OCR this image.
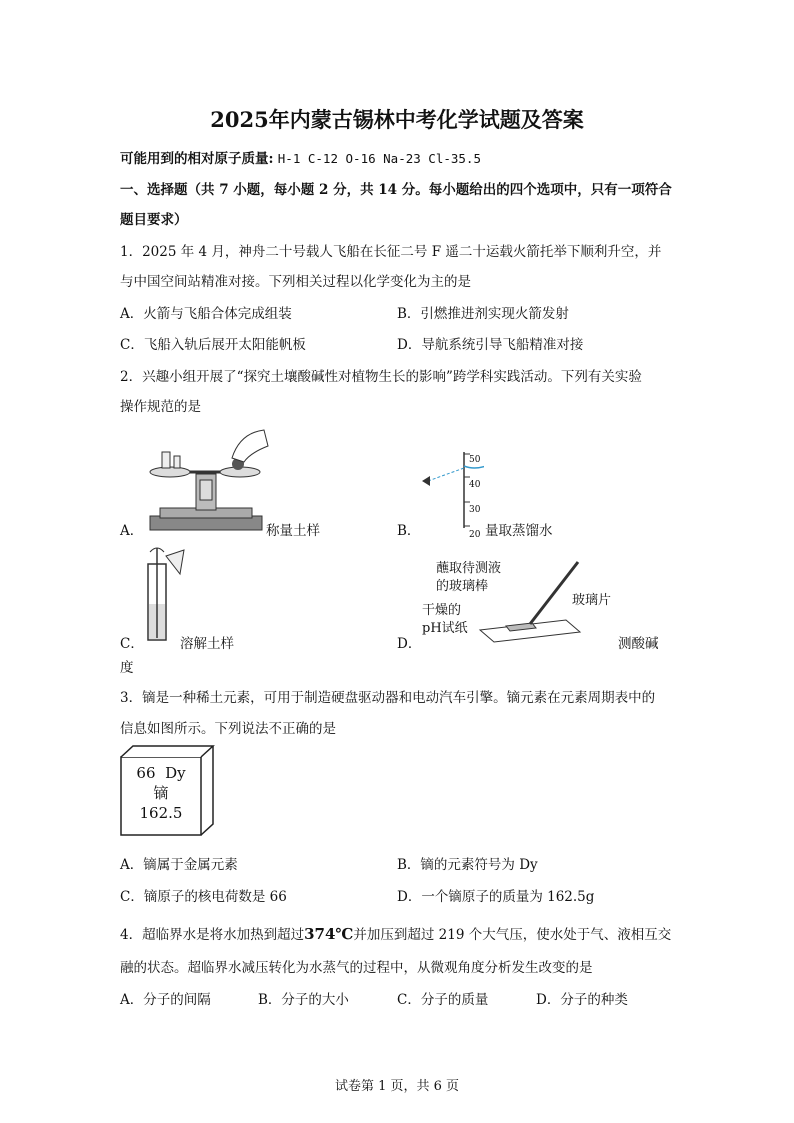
2025年内蒙古锡林中考化学试题及答案
可能用到的相对原子质量: H-1 C-12 O-16 Na-23 Cl-35.5
一、选择题（共 7 小题，每小题 2 分，共 14 分。每小题给出的四个选项中，只有一项符合
题目要求）
1．2025 年 4 月，神舟二十号载人飞船在长征二号 F 遥二十运载火箭托举下顺利升空，并
与中国空间站精准对接。下列相关过程以化学变化为主的是
A．火箭与飞船合体完成组装	B．引燃推进剂实现火箭发射
C．飞船入轨后展开太阳能帆板	D．导航系统引导飞船精准对接
2．兴趣小组开展了“探究土壤酸碱性对植物生长的影响”跨学科实践活动。下列有关实验
操作规范的是
A．	称量土样
50
40
30
20
B．	量取蒸馏水
C．	溶解土样
蘸取待测液
的玻璃棒
玻璃片
干燥的
pH试纸
D．	测酸碱
度
3．镝是一种稀土元素，可用于制造硬盘驱动器和电动汽车引擎。镝元素在元素周期表中的
信息如图所示。下列说法不正确的是
66 Dy
镝
162.5
A．镝属于金属元素	B．镝的元素符号为 Dy
C．镝原子的核电荷数是 66	D．一个镝原子的质量为 162.5g
4．超临界水是将水加热到超过374℃并加压到超过 219 个大气压，使水处于气、液相互交
融的状态。超临界水减压转化为水蒸气的过程中，从微观角度分析发生改变的是
A．分子的间隔	B．分子的大小	C．分子的质量	D．分子的种类
试卷第 1 页，共 6 页
